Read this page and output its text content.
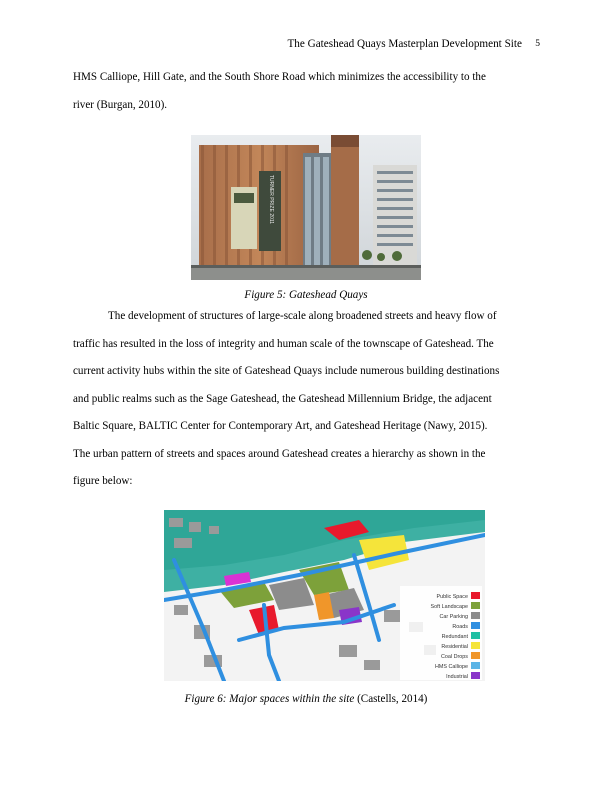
The Gateshead Quays Masterplan Development Site 5
HMS Calliope, Hill Gate, and the South Shore Road which minimizes the accessibility to the
river (Burgan, 2010).
TURNER PRIZE 2011
Figure 5: Gateshead Quays
The development of structures of large-scale along broadened streets and heavy flow of
traffic has resulted in the loss of integrity and human scale of the townscape of Gateshead. The
current activity hubs within the site of Gateshead Quays include numerous building destinations
and public realms such as the Sage Gateshead, the Gateshead Millennium Bridge, the adjacent
Baltic Square, BALTIC Center for Contemporary Art, and Gateshead Heritage (Nawy, 2015).
The urban pattern of streets and spaces around Gateshead creates a hierarchy as shown in the
figure below:
Public Space
Soft Landscape
Car Parking
Roads
Redundant
Residential
Coal Drops
HMS Calliope
Industrial
Figure 6: Major spaces within the site (Castells, 2014)
